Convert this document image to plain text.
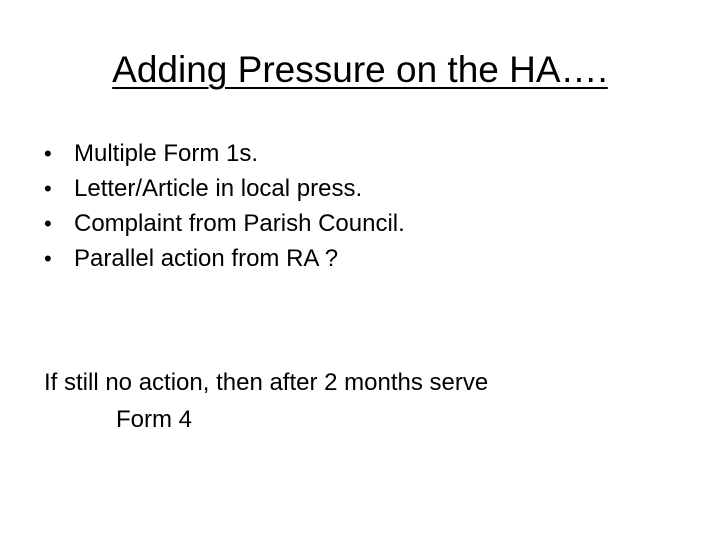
Adding Pressure on the HA….
• Multiple Form 1s.
• Letter/Article in local press.
• Complaint from Parish Council.
• Parallel action from RA ?
If still no action, then after 2 months serve
Form 4
